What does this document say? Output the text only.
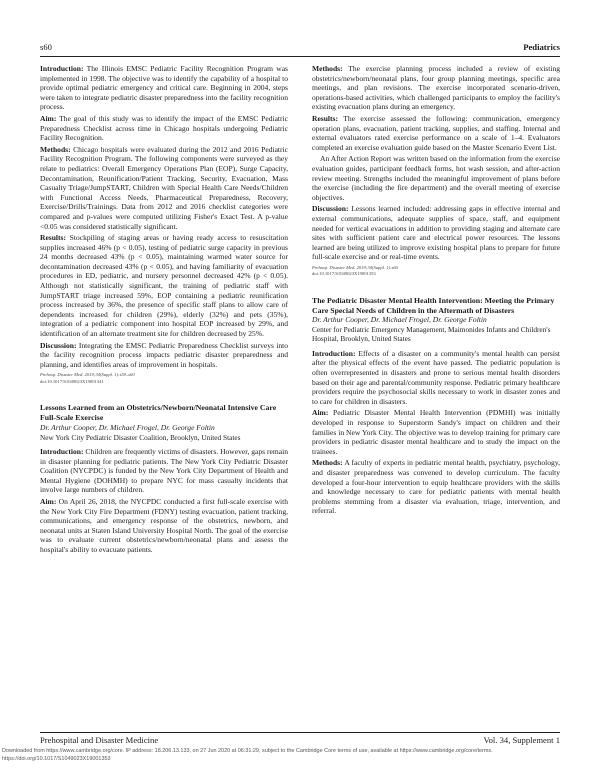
s60	Pediatrics

Introduction: The Illinois EMSC Pediatric Facility Recognition Program was implemented in 1998. The objective was to identify the capability of a hospital to provide optimal pediatric emergency and critical care. Beginning in 2004, steps were taken to integrate pediatric disaster preparedness into the facility recognition process.

Aim: The goal of this study was to identify the impact of the EMSC Pediatric Preparedness Checklist across time in Chicago hospitals undergoing Pediatric Facility Recognition.

Methods: Chicago hospitals were evaluated during the 2012 and 2016 Pediatric Facility Recognition Program. The following components were surveyed as they relate to pediatrics: Overall Emergency Operations Plan (EOP), Surge Capacity, Decontamination, Reunification/Patient Tracking, Security, Evacuation, Mass Casualty Triage/JumpSTART, Children with Special Health Care Needs/Children with Functional Access Needs, Pharmaceutical Preparedness, Recovery, Exercise/Drills/Trainings. Data from 2012 and 2016 checklist categories were compared and p-values were computed utilizing Fisher's Exact Test. A p-value <0.05 was considered statistically significant.

Results: Stockpiling of staging areas or having ready access to resuscitation supplies increased 46% (p < 0.05), testing of pediatric surge capacity in previous 24 months decreased 43% (p < 0.05), maintaining warmed water source for decontamination decreased 43% (p < 0.05), and having familiarity of evacuation procedures in ED, pediatric, and nursery personnel decreased 42% (p < 0.05). Although not statistically significant, the training of pediatric staff with JumpSTART triage increased 59%, EOP containing a pediatric reunification process increased by 36%, the presence of specific staff plans to allow care of dependents increased for children (29%), elderly (32%) and pets (35%), integration of a pediatric component into hospital EOP increased by 29%, and identification of an alternate treatment site for children decreased by 25%.

Discussion: Integrating the EMSC Pediatric Preparedness Checklist surveys into the facility recognition process impacts pediatric disaster preparedness and planning, and identifies areas of improvement in hospitals.

Prehosp. Disaster Med. 2019;34(Suppl. 1):s59–s60

doi:10.1017/S1049023X19001341

Lessons Learned from an Obstetrics/Newborn/Neonatal Intensive Care Full-Scale Exercise

Dr. Arthur Cooper, Dr. Michael Frogel, Dr. George Foltin

New York City Pediatric Disaster Coalition, Brooklyn, United States

Introduction: Children are frequently victims of disasters. However, gaps remain in disaster planning for pediatric patients. The New York City Pediatric Disaster Coalition (NYCPDC) is funded by the New York City Department of Health and Mental Hygiene (DOHMH) to prepare NYC for mass casualty incidents that involve large numbers of children.

Aim: On April 26, 2018, the NYCPDC conducted a first full-scale exercise with the New York City Fire Department (FDNY) testing evacuation, patient tracking, communications, and emergency response of the obstetrics, newborn, and neonatal units at Staten Island University Hospital North. The goal of the exercise was to evaluate current obstetrics/newborn/neonatal plans and assess the hospital's ability to evacuate patients.

Methods: The exercise planning process included a review of existing obstetrics/newborn/neonatal plans, four group planning meetings, specific area meetings, and plan revisions. The exercise incorporated scenario-driven, operations-based activities, which challenged participants to employ the facility's existing evacuation plans during an emergency.

Results: The exercise assessed the following: communication, emergency operation plans, evacuation, patient tracking, supplies, and staffing. Internal and external evaluators rated exercise performance on a scale of 1–4. Evaluators completed an exercise evaluation guide based on the Master Scenario Event List.

An After Action Report was written based on the information from the exercise evaluation guides, participant feedback forms, hot wash session, and after-action review meeting. Strengths included the meaningful improvement of plans before the exercise (including the fire department) and the overall meeting of exercise objectives.

Discussion: Lessons learned included: addressing gaps in effective internal and external communications, adequate supplies of space, staff, and equipment needed for vertical evacuations in addition to providing staging and alternate care sites with sufficient patient care and electrical power resources. The lessons learned are being utilized to improve existing hospital plans to prepare for future full-scale exercise and or real-time events.

Prehosp. Disaster Med. 2019;34(Suppl. 1):s60

doi:10.1017/S1049023X19001353

The Pediatric Disaster Mental Health Intervention: Meeting the Primary Care Special Needs of Children in the Aftermath of Disasters

Dr. Arthur Cooper, Dr. Michael Frogel, Dr. George Foltin

Center for Pediatric Emergency Management, Maimonides Infants and Children's Hospital, Brooklyn, United States

Introduction: Effects of a disaster on a community's mental health can persist after the physical effects of the event have passed. The pediatric population is often overrepresented in disasters and prone to serious mental health disorders based on their age and parental/community response. Pediatric primary healthcare providers require the psychosocial skills necessary to work in disaster zones and to care for children in disasters.

Aim: Pediatric Disaster Mental Health Intervention (PDMHI) was initially developed in response to Superstorm Sandy's impact on children and their families in New York City. The objective was to develop training for primary care providers in pediatric disaster mental healthcare and to study the impact on the trainees.

Methods: A faculty of experts in pediatric mental health, psychiatry, psychology, and disaster preparedness was convened to develop curriculum. The faculty developed a four-hour intervention to equip healthcare providers with the skills and knowledge necessary to care for pediatric patients with mental health problems stemming from a disaster via evaluation, triage, intervention, and referral.

Prehospital and Disaster Medicine	Vol. 34, Supplement 1
Downloaded from https://www.cambridge.org/core. IP address: 18.206.13.133, on 27 Jun 2020 at 06:31:29, subject to the Cambridge Core terms of use, available at https://www.cambridge.org/core/terms.
https://doi.org/10.1017/S1049023X19001353
